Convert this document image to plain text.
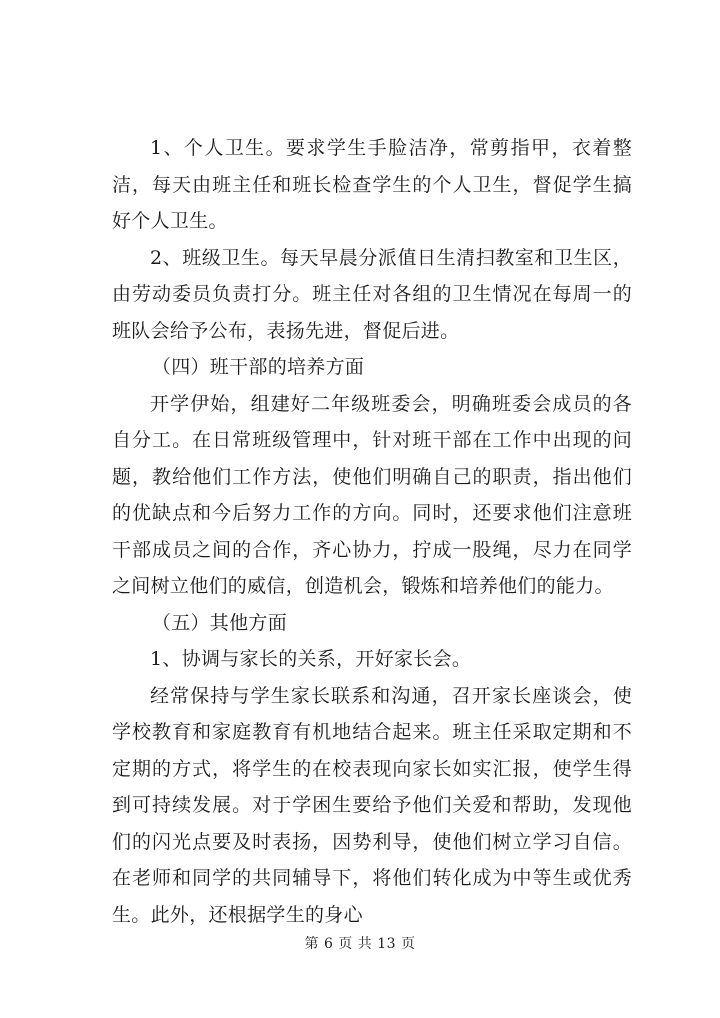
1、个人卫生。要求学生手脸洁净，常剪指甲，衣着整洁，每天由班主任和班长检查学生的个人卫生，督促学生搞好个人卫生。

2、班级卫生。每天早晨分派值日生清扫教室和卫生区，由劳动委员负责打分。班主任对各组的卫生情况在每周一的班队会给予公布，表扬先进，督促后进。

（四）班干部的培养方面

开学伊始，组建好二年级班委会，明确班委会成员的各自分工。在日常班级管理中，针对班干部在工作中出现的问题，教给他们工作方法，使他们明确自己的职责，指出他们的优缺点和今后努力工作的方向。同时，还要求他们注意班干部成员之间的合作，齐心协力，拧成一股绳，尽力在同学之间树立他们的威信，创造机会，锻炼和培养他们的能力。

（五）其他方面

1、协调与家长的关系，开好家长会。

经常保持与学生家长联系和沟通，召开家长座谈会，使学校教育和家庭教育有机地结合起来。班主任采取定期和不定期的方式，将学生的在校表现向家长如实汇报，使学生得到可持续发展。对于学困生要给予他们关爱和帮助，发现他们的闪光点要及时表扬，因势利导，使他们树立学习自信。在老师和同学的共同辅导下，将他们转化成为中等生或优秀生。此外，还根据学生的身心

第 6 页 共 13 页
